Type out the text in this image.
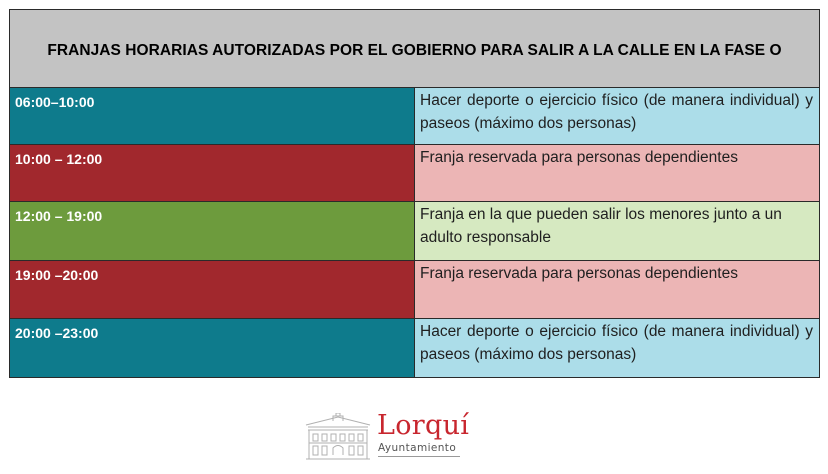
FRANJAS HORARIAS AUTORIZADAS POR EL GOBIERNO PARA SALIR A LA CALLE EN LA FASE O	
06:00–10:00	Hacer deporte o ejercicio físico (de manera individual) y paseos (máximo dos personas)
10:00 – 12:00	Franja reservada para personas dependientes
12:00 – 19:00	Franja en la que pueden salir los menores junto a un adulto responsable
19:00 –20:00	Franja reservada para personas dependientes
20:00 –23:00	Hacer deporte o ejercicio físico (de manera individual) y paseos (máximo dos personas)
Lorquí
Ayuntamiento
